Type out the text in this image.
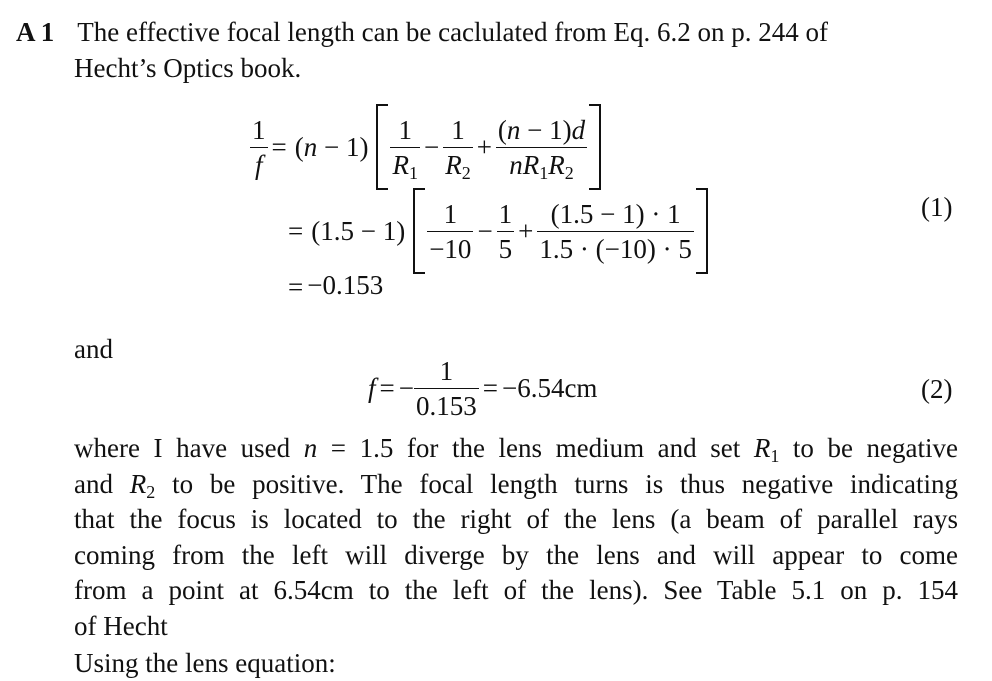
A 1 The effective focal length can be caclulated from Eq. 6.2 on p. 244 of
Hecht’s Optics book.
$\frac{1}{f} = (n - 1) \frac{1}{R_1} - \frac{1}{R_2} + \frac{(n - 1)d}{nR_1R_2}$
= $(1.5 - 1) \frac{1}{-10} - \frac{1}{5} + \frac{(1.5 - 1) \cdot 1}{1.5 \cdot (-10) \cdot 5}$	(1)
= −0.153
and
f = − $\frac{1}{0.153} = -6.54cm$	(2)
where I have used n = 1.5 for the lens medium and set $R_1$ to be negative
and $R_2$ to be positive. The focal length turns is thus negative indicating
that the focus is located to the right of the lens (a beam of parallel rays
coming from the left will diverge by the lens and will appear to come
from a point at 6.54cm to the left of the lens). See Table 5.1 on p. 154
of Hecht
Using the lens equation:
